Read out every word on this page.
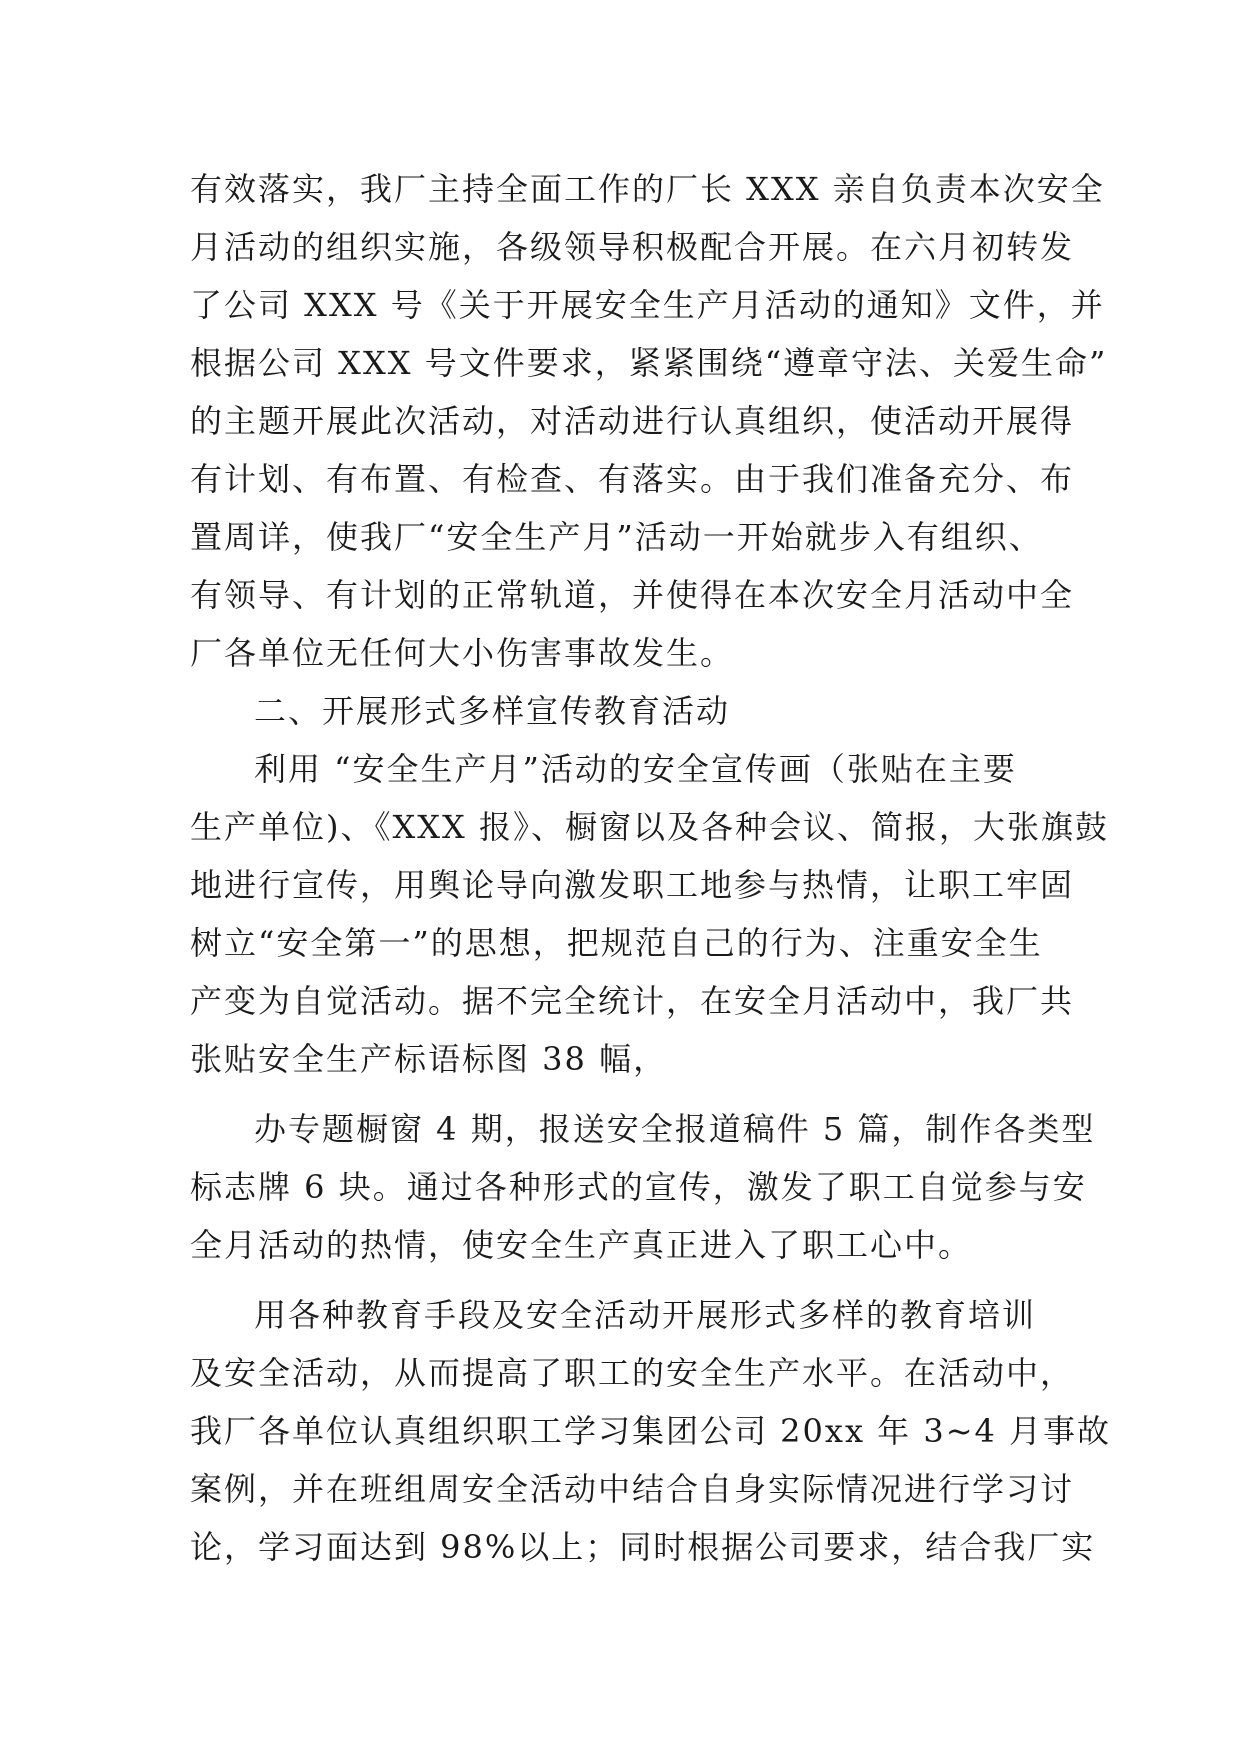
有效落实，我厂主持全面工作的厂长 XXX 亲自负责本次安全
月活动的组织实施，各级领导积极配合开展。在六月初转发
了公司 XXX 号《关于开展安全生产月活动的通知》文件，并
根据公司 XXX 号文件要求，紧紧围绕“遵章守法、关爱生命”
的主题开展此次活动，对活动进行认真组织，使活动开展得
有计划、有布置、有检查、有落实。由于我们准备充分、布
置周详，使我厂“安全生产月”活动一开始就步入有组织、
有领导、有计划的正常轨道，并使得在本次安全月活动中全
厂各单位无任何大小伤害事故发生。
二、开展形式多样宣传教育活动
利用 “安全生产月”活动的安全宣传画（张贴在主要
生产单位)、《XXX 报》、橱窗以及各种会议、简报，大张旗鼓
地进行宣传，用舆论导向激发职工地参与热情，让职工牢固
树立“安全第一”的思想，把规范自己的行为、注重安全生
产变为自觉活动。据不完全统计，在安全月活动中，我厂共
张贴安全生产标语标图 38 幅，
办专题橱窗 4 期，报送安全报道稿件 5 篇，制作各类型
标志牌 6 块。通过各种形式的宣传，激发了职工自觉参与安
全月活动的热情，使安全生产真正进入了职工心中。
用各种教育手段及安全活动开展形式多样的教育培训
及安全活动，从而提高了职工的安全生产水平。在活动中，
我厂各单位认真组织职工学习集团公司 20xx 年 3~4 月事故
案例，并在班组周安全活动中结合自身实际情况进行学习讨
论，学习面达到 98%以上；同时根据公司要求，结合我厂实
